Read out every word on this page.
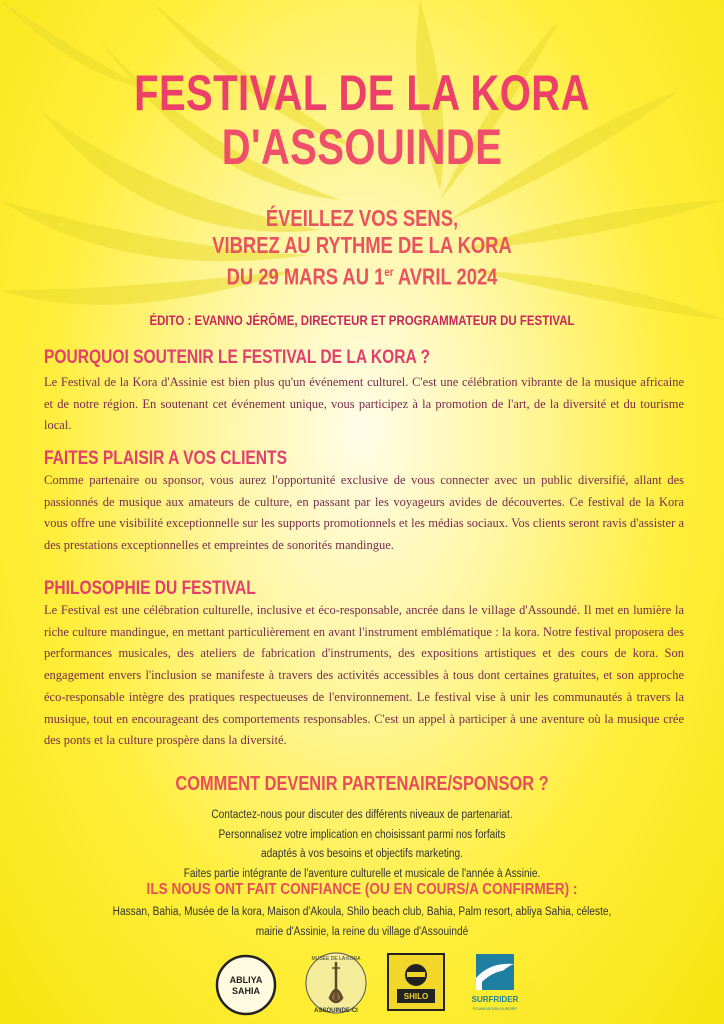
FESTIVAL DE LA KORA
D'ASSOUINDE
ÉVEILLEZ VOS SENS,
VIBREZ AU RYTHME DE LA KORA
DU 29 MARS AU 1er AVRIL 2024
ÉDITO : EVANNO JÉRÔME, DIRECTEUR ET PROGRAMMATEUR DU FESTIVAL
POURQUOI SOUTENIR LE FESTIVAL DE LA KORA ?
Le Festival de la Kora d'Assinie est bien plus qu'un événement culturel. C'est une célébration vibrante de la musique africaine et de notre région. En soutenant cet événement unique, vous participez à la promotion de l'art, de la diversité et du tourisme local.
FAITES PLAISIR A VOS CLIENTS
Comme partenaire ou sponsor, vous aurez l'opportunité exclusive de vous connecter avec un public diversifié, allant des passionnés de musique aux amateurs de culture, en passant par les voyageurs avides de découvertes. Ce festival de la Kora vous offre une visibilité exceptionnelle sur les supports promotionnels et les médias sociaux. Vos clients seront ravis d'assister a des prestations exceptionnelles et empreintes de sonorités mandingue.
PHILOSOPHIE DU FESTIVAL
Le Festival est une célébration culturelle, inclusive et éco-responsable, ancrée dans le village d'Assoundé. Il met en lumière la riche culture mandingue, en mettant particulièrement en avant l'instrument emblématique : la kora. Notre festival proposera des performances musicales, des ateliers de fabrication d'instruments, des expositions artistiques et des cours de kora. Son engagement envers l'inclusion se manifeste à travers des activités accessibles à tous dont certaines gratuites, et son approche éco-responsable intègre des pratiques respectueuses de l'environnement. Le festival vise à unir les communautés à travers la musique, tout en encourageant des comportements responsables. C'est un appel à participer à une aventure où la musique crée des ponts et la culture prospère dans la diversité.
COMMENT DEVENIR PARTENAIRE/SPONSOR ?
Contactez-nous pour discuter des différents niveaux de partenariat.
Personnalisez votre implication en choisissant parmi nos forfaits
adaptés à vos besoins et objectifs marketing.
Faites partie intégrante de l'aventure culturelle et musicale de l'année à Assinie.
ILS NOUS ONT FAIT CONFIANCE (OU EN COURS/A CONFIRMER) :
Hassan, Bahia, Musée de la kora, Maison d'Akoula, Shilo beach club, Bahia, Palm resort, abliya Sahia, céleste,
mairie d'Assinie, la reine du village d'Assouindé
ABLIYA
SAHIA
MUSÉE DE LA KORA
ASSOUINDE-CI
SHILO	SURFRIDER
FOUNDATION EUROPE
